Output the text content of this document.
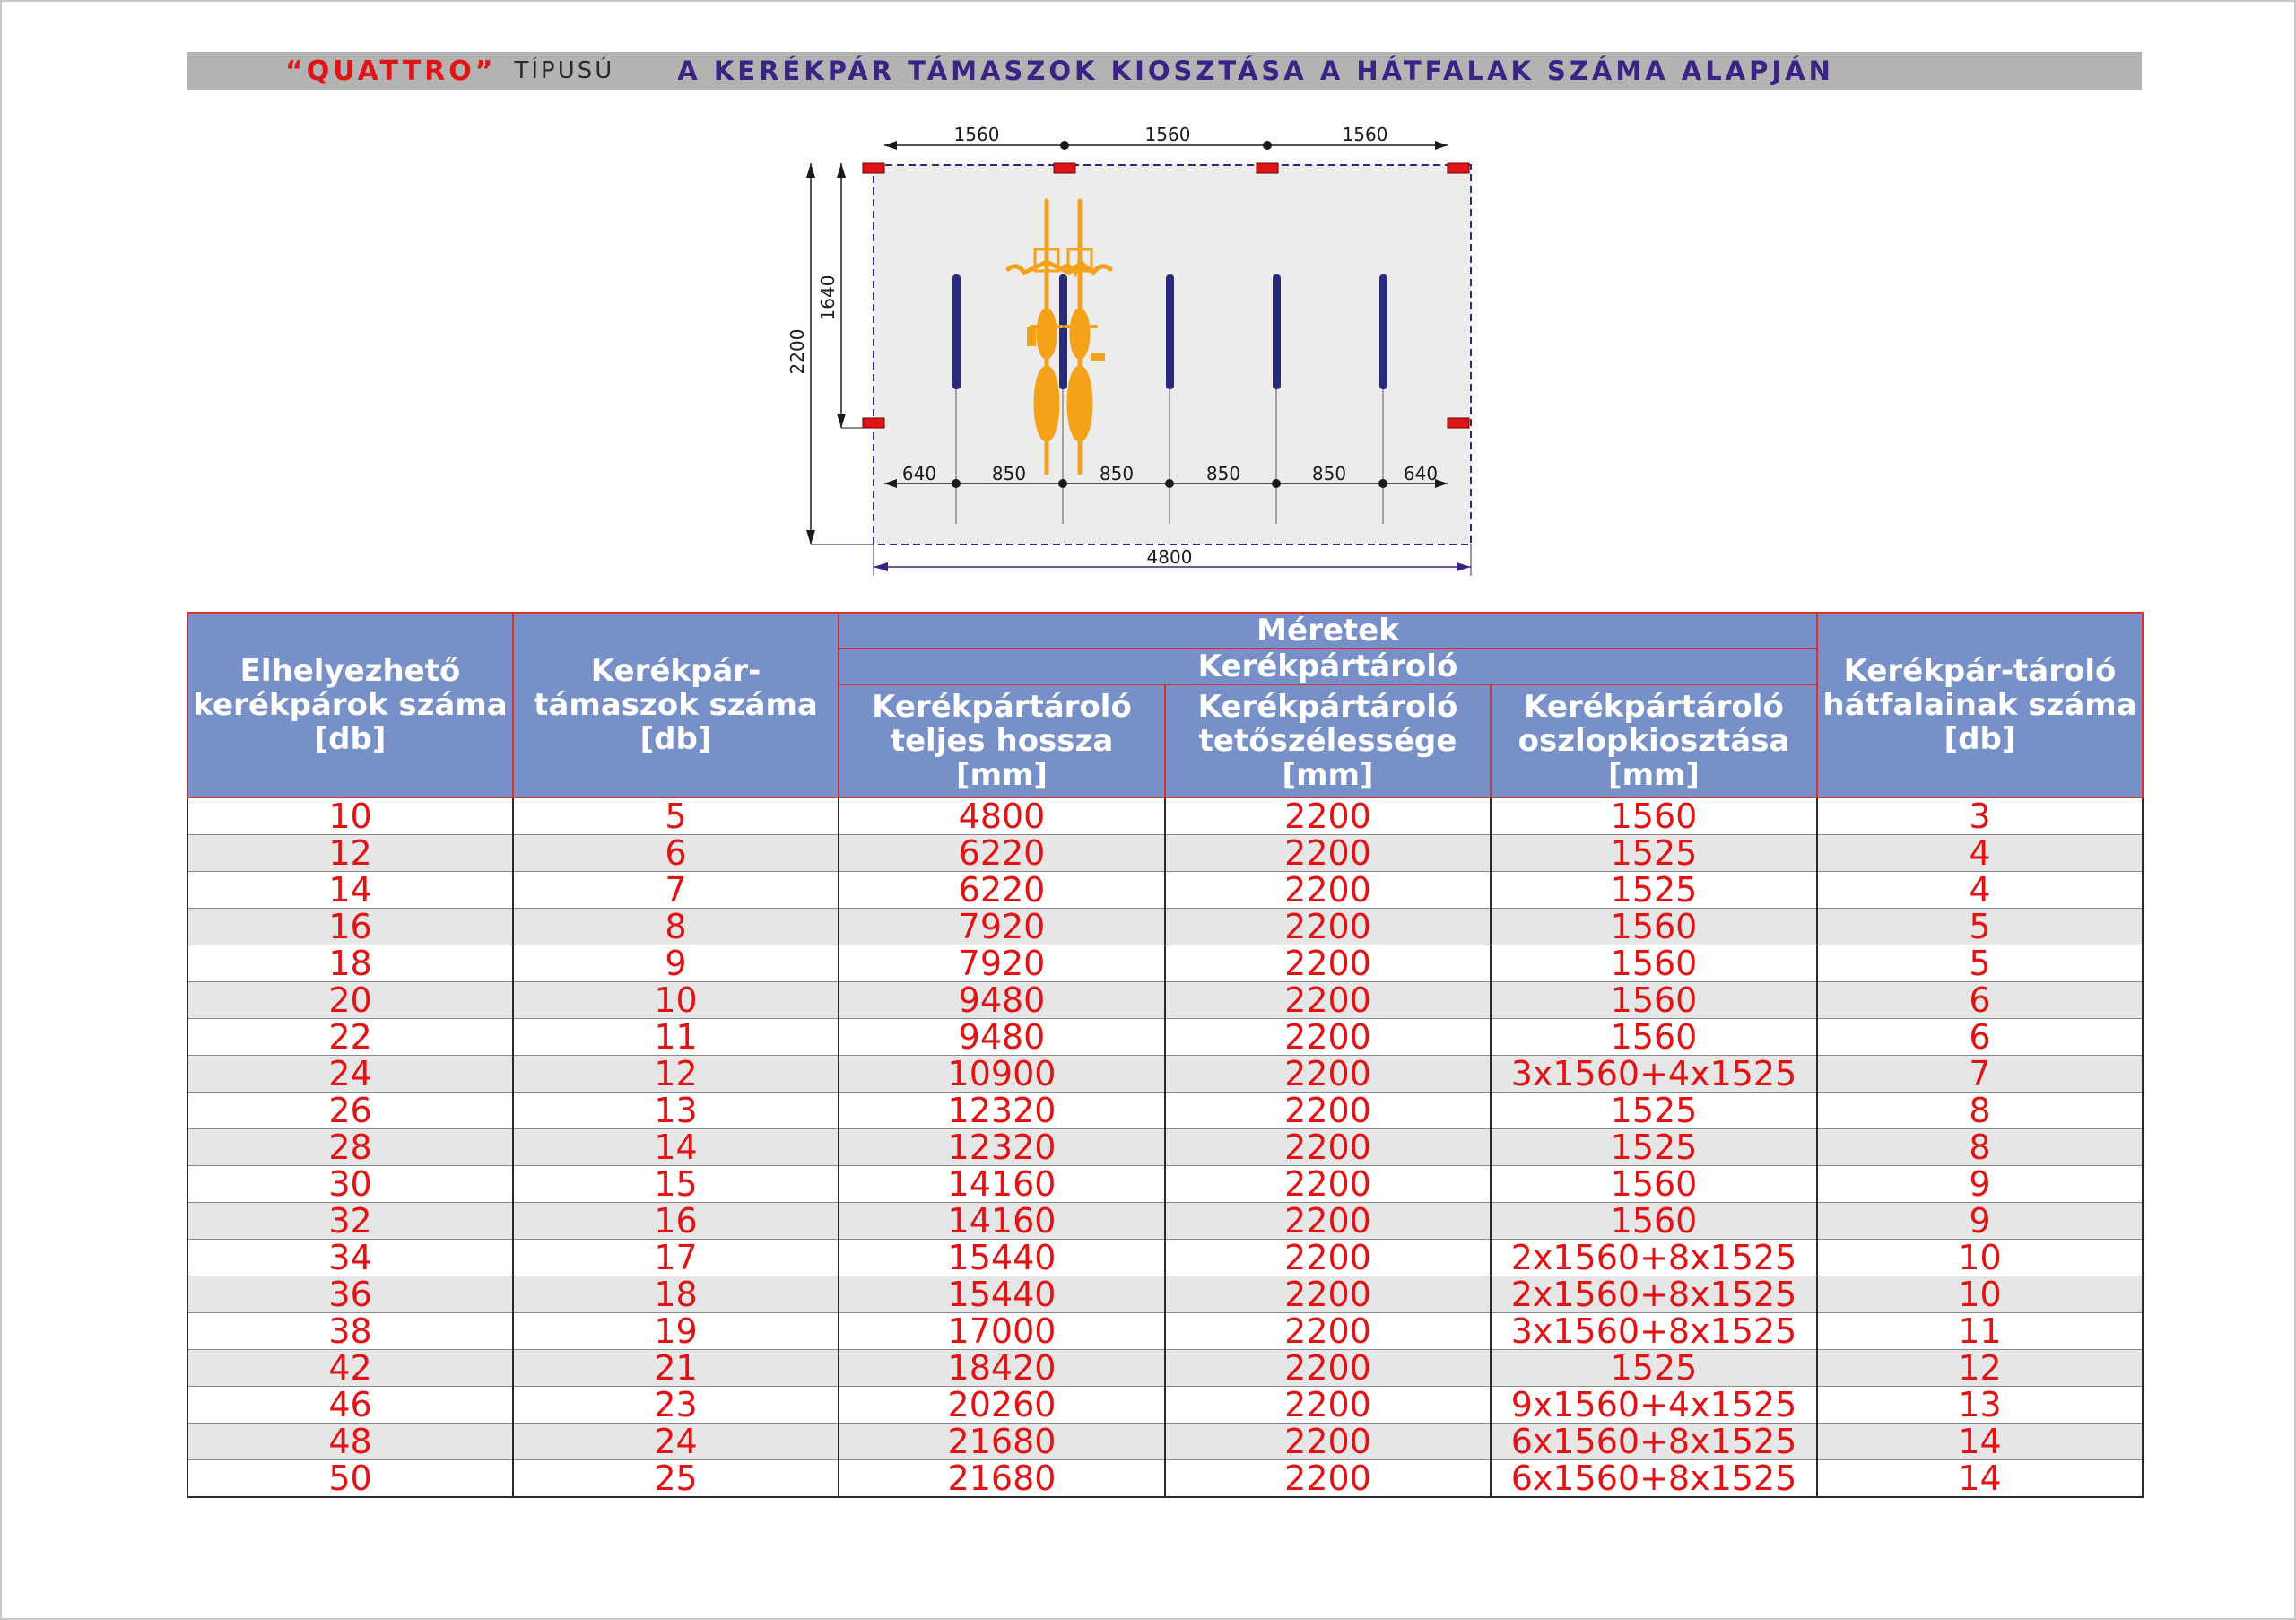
“QUATTRO” TÍPUSÚ A KERÉKPÁR TÁMASZOK KIOSZTÁSA A HÁTFALAK SZÁMA ALAPJÁN
1560	1560	1560
2200
1640
640	850	850	850	850	640
4800
Elhelyezhető kerékpárok száma [db]	Kerékpár-támaszok száma [db]	Méretek			Kerékpár-tároló hátfalainak száma [db]
		Kerékpártároló			
		Kerékpártároló teljes hossza [mm]	Kerékpártároló tetőszélessége [mm]	Kerékpártároló oszlopkiosztása [mm]	
10	5	4800	2200	1560	3
12	6	6220	2200	1525	4
14	7	6220	2200	1525	4
16	8	7920	2200	1560	5
18	9	7920	2200	1560	5
20	10	9480	2200	1560	6
22	11	9480	2200	1560	6
24	12	10900	2200	3x1560+4x1525	7
26	13	12320	2200	1525	8
28	14	12320	2200	1525	8
30	15	14160	2200	1560	9
32	16	14160	2200	1560	9
34	17	15440	2200	2x1560+8x1525	10
36	18	15440	2200	2x1560+8x1525	10
38	19	17000	2200	3x1560+8x1525	11
42	21	18420	2200	1525	12
46	23	20260	2200	9x1560+4x1525	13
48	24	21680	2200	6x1560+8x1525	14
50	25	21680	2200	6x1560+8x1525	14
